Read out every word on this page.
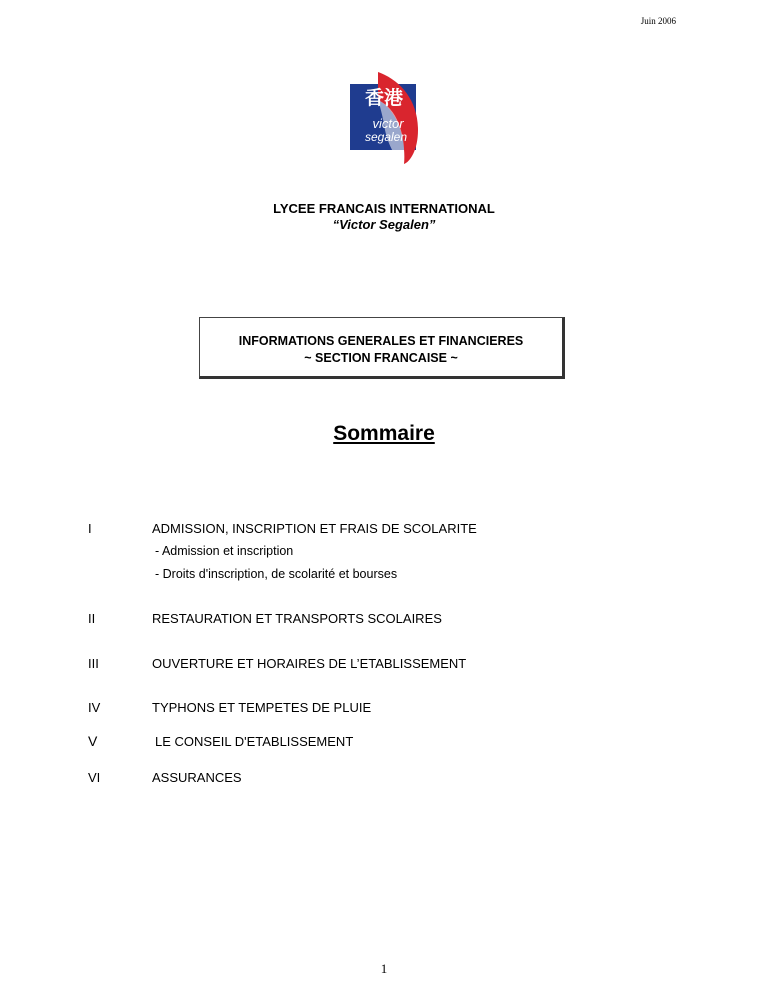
Juin 2006
香港
victor
segalen
LYCEE FRANCAIS INTERNATIONAL
“Victor Segalen”
INFORMATIONS GENERALES ET FINANCIERES
~ SECTION FRANCAISE ~
Sommaire
I	ADMISSION, INSCRIPTION ET FRAIS DE SCOLARITE
- Admission et inscription
- Droits d'inscription, de scolarité et bourses
II	RESTAURATION ET TRANSPORTS SCOLAIRES
III	OUVERTURE ET HORAIRES DE L’ETABLISSEMENT
IV	TYPHONS ET TEMPETES DE PLUIE
V	LE CONSEIL D'ETABLISSEMENT
VI	ASSURANCES
1
